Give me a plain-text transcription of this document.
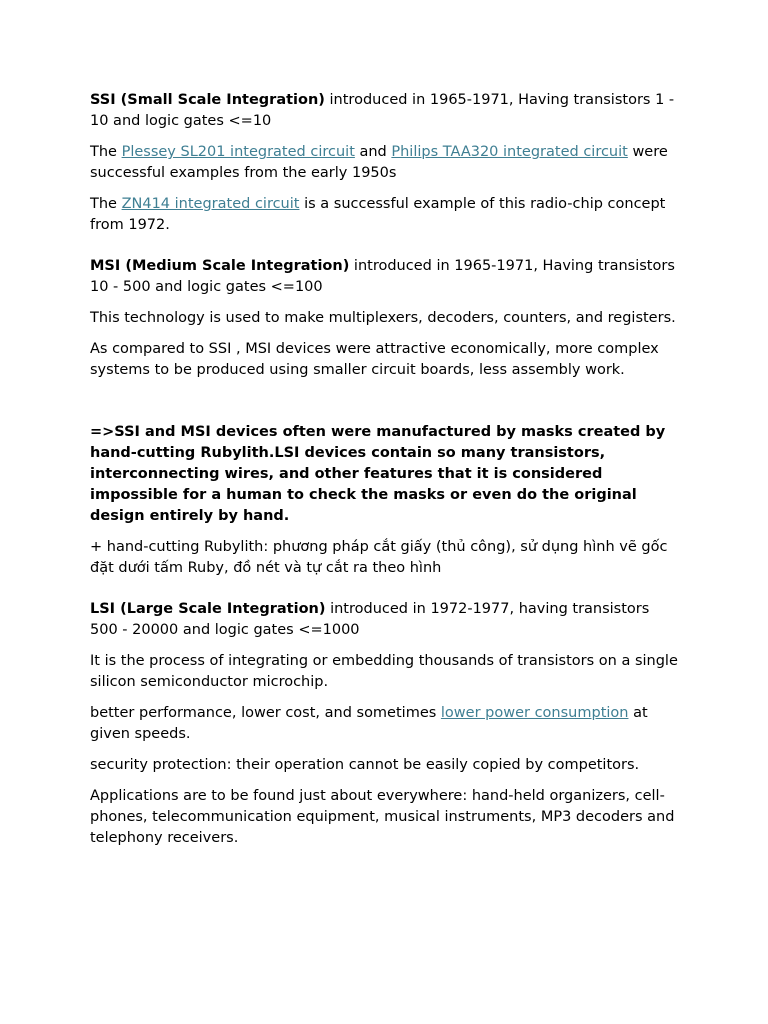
SSI (Small Scale Integration) introduced in 1965-1971, Having transistors 1 - 10 and logic gates <=10

The Plessey SL201 integrated circuit and Philips TAA320 integrated circuit were successful examples from the early 1950s

The ZN414 integrated circuit is a successful example of this radio-chip concept from 1972.

MSI (Medium Scale Integration) introduced in 1965-1971, Having transistors 10 - 500 and logic gates <=100

This technology is used to make multiplexers, decoders, counters, and registers.

As compared to SSI , MSI devices were attractive economically, more complex systems to be produced using smaller circuit boards, less assembly work.

=>SSI and MSI devices often were manufactured by masks created by hand-cutting Rubylith.LSI devices contain so many transistors, interconnecting wires, and other features that it is considered impossible for a human to check the masks or even do the original design entirely by hand.

+ hand-cutting Rubylith: phương pháp cắt giấy (thủ công), sử dụng hình vẽ gốc đặt dưới tấm Ruby, đồ nét và tự cắt ra theo hình

LSI (Large Scale Integration) introduced in 1972-1977, having transistors 500 - 20000 and logic gates <=1000

It is the process of integrating or embedding thousands of transistors on a single silicon semiconductor microchip.

better performance, lower cost, and sometimes lower power consumption at given speeds.

security protection: their operation cannot be easily copied by competitors.

Applications are to be found just about everywhere: hand-held organizers, cell-phones, telecommunication equipment, musical instruments, MP3 decoders and telephony receivers.
